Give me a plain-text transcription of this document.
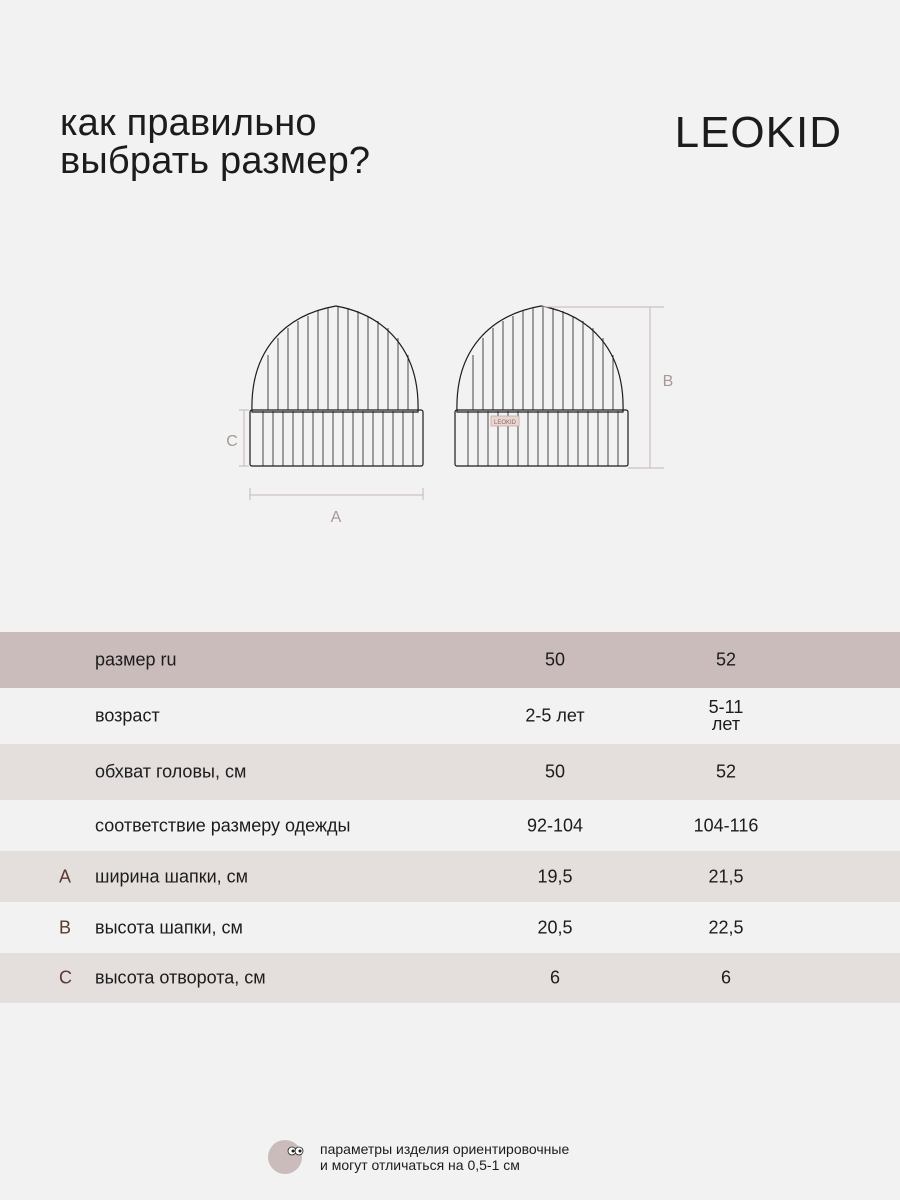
как правильно
выбрать размер?
LEOKID
LEOKID
A
B
C
размер ru	50	52
возраст	2-5 лет	5-11 лет
обхват головы, см	50	52
соответствие размеру одежды	92-104	104-116
A	ширина шапки, см	19,5	21,5
B	высота шапки, см	20,5	22,5
C	высота отворота, см	6	6
параметры изделия ориентировочные
и могут отличаться на 0,5-1 см
